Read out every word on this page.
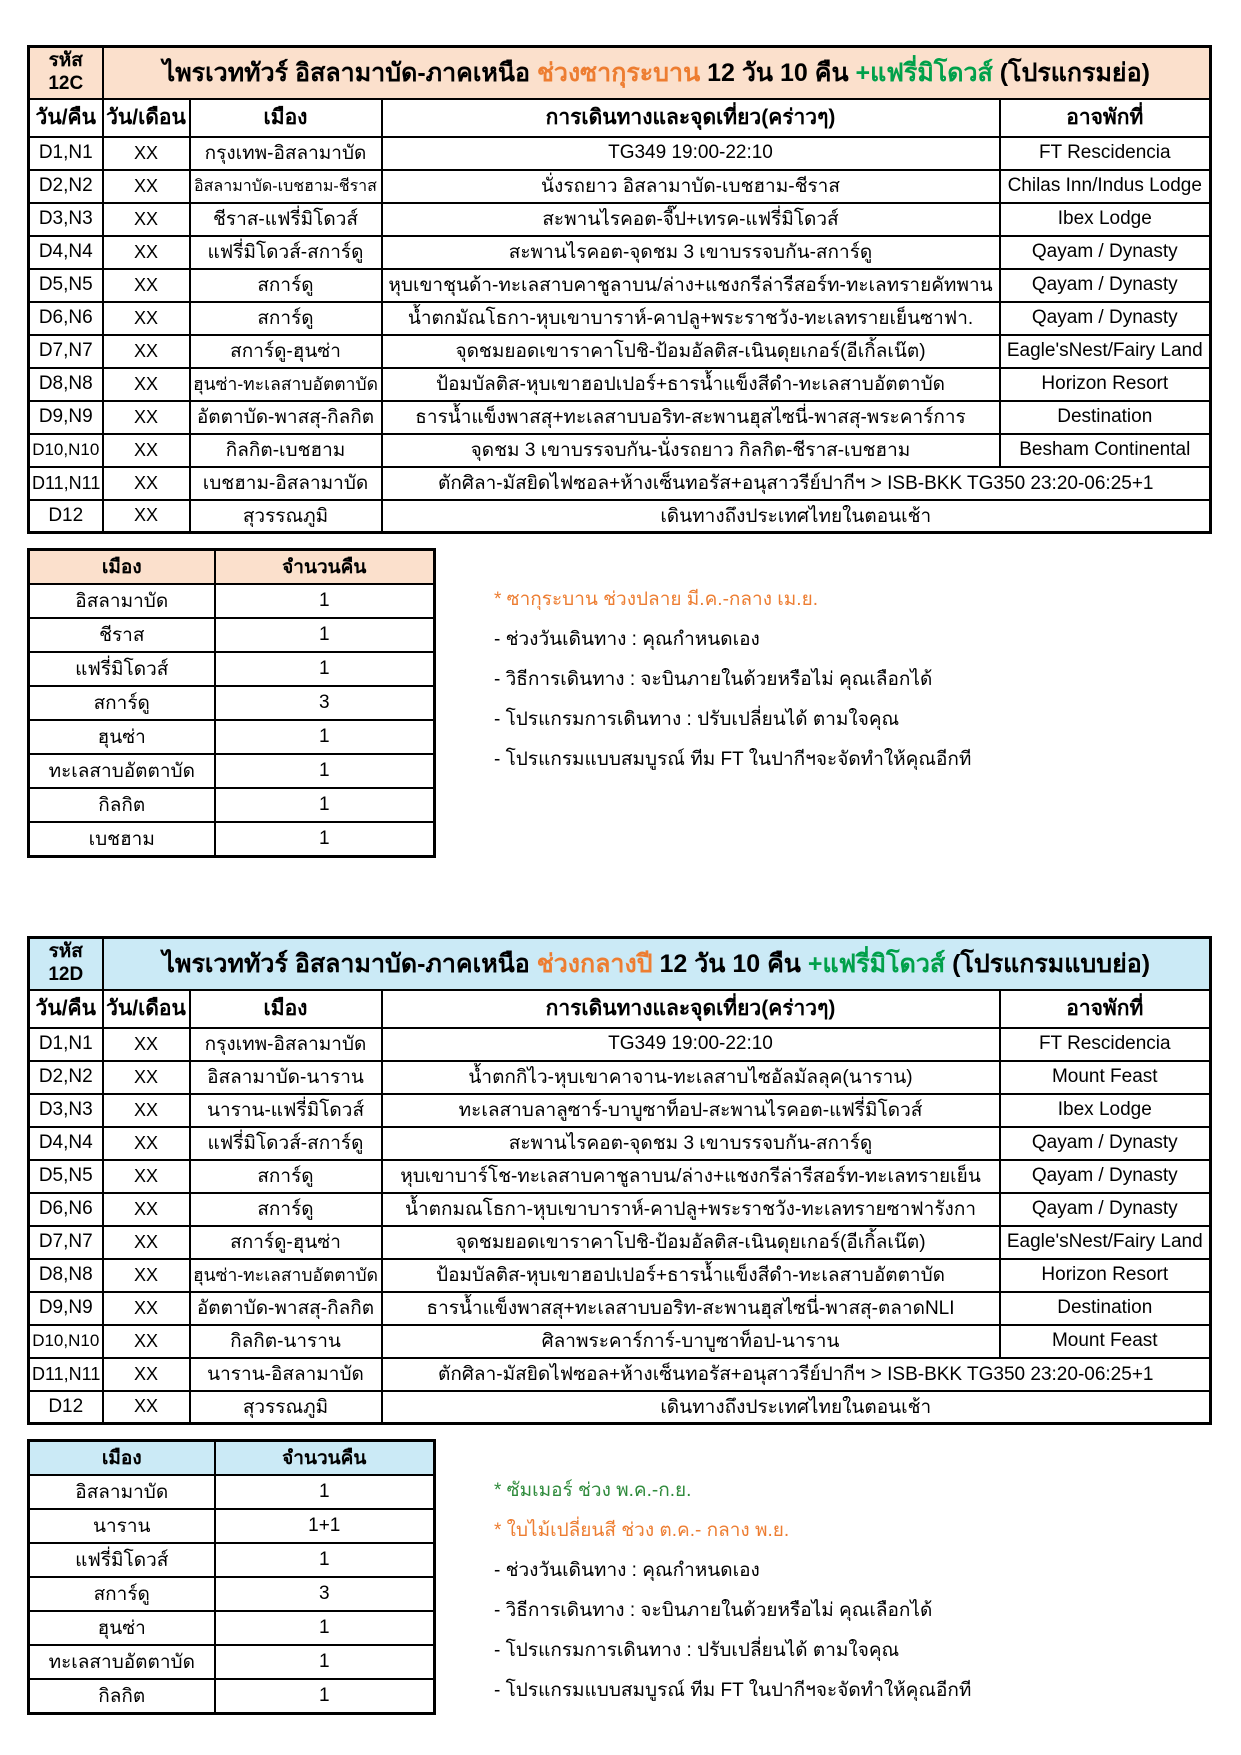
รหัส
12C	ไพรเวททัวร์ อิสลามาบัด-ภาคเหนือ ช่วงซากุระบาน 12 วัน 10 คืน +แฟรี่มิโดวส์ (โปรแกรมย่อ)			
วัน/คืน	วัน/เดือน	เมือง	การเดินทางและจุดเที่ยว(คร่าวๆ)	อาจพักที่
D1,N1	XX	กรุงเทพ-อิสลามาบัด	TG349 19:00-22:10	FT Rescidencia
D2,N2	XX	อิสลามาบัด-เบชฮาม-ชีราส	นั่งรถยาว อิสลามาบัด-เบชฮาม-ชีราส	Chilas Inn/Indus Lodge
D3,N3	XX	ชีราส-แฟรี่มิโดวส์	สะพานไรคอต-จี๊ป+เทรค-แฟรี่มิโดวส์	Ibex Lodge
D4,N4	XX	แฟรี่มิโดวส์-สการ์ดู	สะพานไรคอต-จุดชม 3 เขาบรรจบกัน-สการ์ดู	Qayam / Dynasty
D5,N5	XX	สการ์ดู	หุบเขาชุนด้า-ทะเลสาบคาชูลาบน/ล่าง+แชงกรีล่ารีสอร์ท-ทะเลทรายคัทพาน	Qayam / Dynasty
D6,N6	XX	สการ์ดู	น้ำตกมัณโธกา-หุบเขาบาราห์-คาปลู+พระราชวัง-ทะเลทรายเย็นซาฟา.	Qayam / Dynasty
D7,N7	XX	สการ์ดู-ฮุนซ่า	จุดชมยอดเขาราคาโปชิ-ป้อมอัลติส-เนินดุยเกอร์(อีเกิ้ลเน๊ต)	Eagle'sNest/Fairy Land
D8,N8	XX	ฮุนซ่า-ทะเลสาบอัตตาบัด	ป้อมบัลติส-หุบเขาฮอปเปอร์+ธารน้ำแข็งสีดำ-ทะเลสาบอัตตาบัด	Horizon Resort
D9,N9	XX	อัตตาบัด-พาสสุ-กิลกิต	ธารน้ำแข็งพาสสุ+ทะเลสาบบอริท-สะพานฮุสไซนี่-พาสสุ-พระคาร์การ	Destination
D10,N10	XX	กิลกิต-เบชฮาม	จุดชม 3 เขาบรรจบกัน-นั่งรถยาว กิลกิต-ชีราส-เบชฮาม	Besham Continental
D11,N11	XX	เบชฮาม-อิสลามาบัด	ตักศิลา-มัสยิดไฟซอล+ห้างเซ็นทอรัส+อนุสาวรีย์ปากีฯ > ISB-BKK TG350 23:20-06:25+1	
D12	XX	สุวรรณภูมิ	เดินทางถึงประเทศไทยในตอนเช้า	
เมือง	จำนวนคืน
อิสลามาบัด	1
ชีราส	1
แฟรี่มิโดวส์	1
สการ์ดู	3
ฮุนซ่า	1
ทะเลสาบอัตตาบัด	1
กิลกิต	1
เบชฮาม	1
* ซากุระบาน ช่วงปลาย มี.ค.-กลาง เม.ย.
- ช่วงวันเดินทาง : คุณกำหนดเอง
- วิธีการเดินทาง : จะบินภายในด้วยหรือไม่ คุณเลือกได้
- โปรแกรมการเดินทาง : ปรับเปลี่ยนได้ ตามใจคุณ
- โปรแกรมแบบสมบูรณ์ ทีม FT ในปากีฯจะจัดทำให้คุณอีกที
รหัส
12D	ไพรเวททัวร์ อิสลามาบัด-ภาคเหนือ ช่วงกลางปี 12 วัน 10 คืน +แฟรี่มิโดวส์ (โปรแกรมแบบย่อ)			
วัน/คืน	วัน/เดือน	เมือง	การเดินทางและจุดเที่ยว(คร่าวๆ)	อาจพักที่
D1,N1	XX	กรุงเทพ-อิสลามาบัด	TG349 19:00-22:10	FT Rescidencia
D2,N2	XX	อิสลามาบัด-นาราน	น้ำตกกิไว-หุบเขาคาจาน-ทะเลสาบไซอัลมัลลุค(นาราน)	Mount Feast
D3,N3	XX	นาราน-แฟรี่มิโดวส์	ทะเลสาบลาลูซาร์-บาบูซาท็อป-สะพานไรคอต-แฟรี่มิโดวส์	Ibex Lodge
D4,N4	XX	แฟรี่มิโดวส์-สการ์ดู	สะพานไรคอต-จุดชม 3 เขาบรรจบกัน-สการ์ดู	Qayam / Dynasty
D5,N5	XX	สการ์ดู	หุบเขาบาร์โช-ทะเลสาบคาชูลาบน/ล่าง+แชงกรีล่ารีสอร์ท-ทะเลทรายเย็น	Qayam / Dynasty
D6,N6	XX	สการ์ดู	น้ำตกมณโธกา-หุบเขาบาราห์-คาปลู+พระราชวัง-ทะเลทรายซาฟารังกา	Qayam / Dynasty
D7,N7	XX	สการ์ดู-ฮุนซ่า	จุดชมยอดเขาราคาโปชิ-ป้อมอัลติส-เนินดุยเกอร์(อีเกิ้ลเน๊ต)	Eagle'sNest/Fairy Land
D8,N8	XX	ฮุนซ่า-ทะเลสาบอัตตาบัด	ป้อมบัลติส-หุบเขาฮอปเปอร์+ธารน้ำแข็งสีดำ-ทะเลสาบอัตตาบัด	Horizon Resort
D9,N9	XX	อัตตาบัด-พาสสุ-กิลกิต	ธารน้ำแข็งพาสสุ+ทะเลสาบบอริท-สะพานฮุสไซนี่-พาสสุ-ตลาดNLI	Destination
D10,N10	XX	กิลกิต-นาราน	ศิลาพระคาร์การ์-บาบูซาท็อป-นาราน	Mount Feast
D11,N11	XX	นาราน-อิสลามาบัด	ตักศิลา-มัสยิดไฟซอล+ห้างเซ็นทอรัส+อนุสาวรีย์ปากีฯ > ISB-BKK TG350 23:20-06:25+1	
D12	XX	สุวรรณภูมิ	เดินทางถึงประเทศไทยในตอนเช้า	
เมือง	จำนวนคืน
อิสลามาบัด	1
นาราน	1+1
แฟรี่มิโดวส์	1
สการ์ดู	3
ฮุนซ่า	1
ทะเลสาบอัตตาบัด	1
กิลกิต	1
* ซัมเมอร์ ช่วง พ.ค.-ก.ย.
* ใบไม้เปลี่ยนสี ช่วง ต.ค.- กลาง พ.ย.
- ช่วงวันเดินทาง : คุณกำหนดเอง
- วิธีการเดินทาง : จะบินภายในด้วยหรือไม่ คุณเลือกได้
- โปรแกรมการเดินทาง : ปรับเปลี่ยนได้ ตามใจคุณ
- โปรแกรมแบบสมบูรณ์ ทีม FT ในปากีฯจะจัดทำให้คุณอีกที
